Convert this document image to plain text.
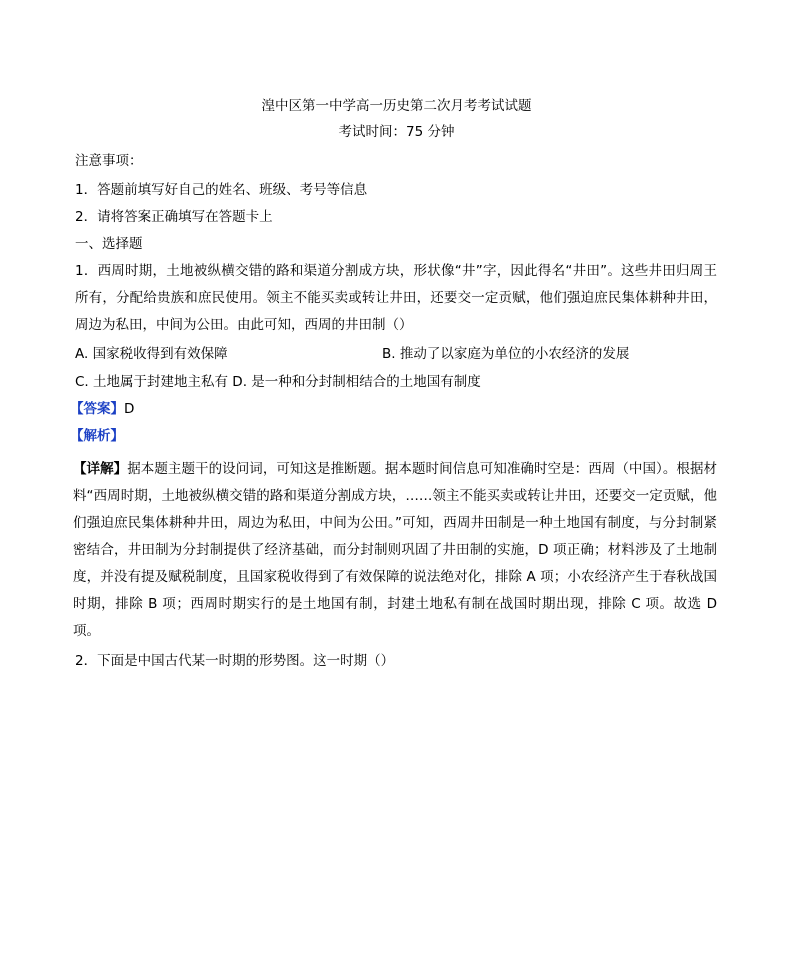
湟中区第一中学高一历史第二次月考考试试题
考试时间：75 分钟
注意事项：
1．答题前填写好自己的姓名、班级、考号等信息
2．请将答案正确填写在答题卡上
一、选择题
1．西周时期，土地被纵横交错的路和渠道分割成方块，形状像“井”字，因此得名“井田”。这些井田归周王所有，分配给贵族和庶民使用。领主不能买卖或转让井田，还要交一定贡赋，他们强迫庶民集体耕种井田，周边为私田，中间为公田。由此可知，西周的井田制（）
A. 国家税收得到有效保障	B. 推动了以家庭为单位的小农经济的发展
C. 土地属于封建地主私有 D. 是一种和分封制相结合的土地国有制度
【答案】D
【解析】
【详解】据本题主题干的设问词，可知这是推断题。据本题时间信息可知准确时空是：西周（中国）。根据材料“西周时期，土地被纵横交错的路和渠道分割成方块，……领主不能买卖或转让井田，还要交一定贡赋，他们强迫庶民集体耕种井田，周边为私田，中间为公田。”可知，西周井田制是一种土地国有制度，与分封制紧密结合，井田制为分封制提供了经济基础，而分封制则巩固了井田制的实施，D 项正确；材料涉及了土地制度，并没有提及赋税制度，且国家税收得到了有效保障的说法绝对化，排除 A 项；小农经济产生于春秋战国时期，排除 B 项；西周时期实行的是土地国有制，封建土地私有制在战国时期出现，排除 C 项。故选 D 项。
2．下面是中国古代某一时期的形势图。这一时期（）
